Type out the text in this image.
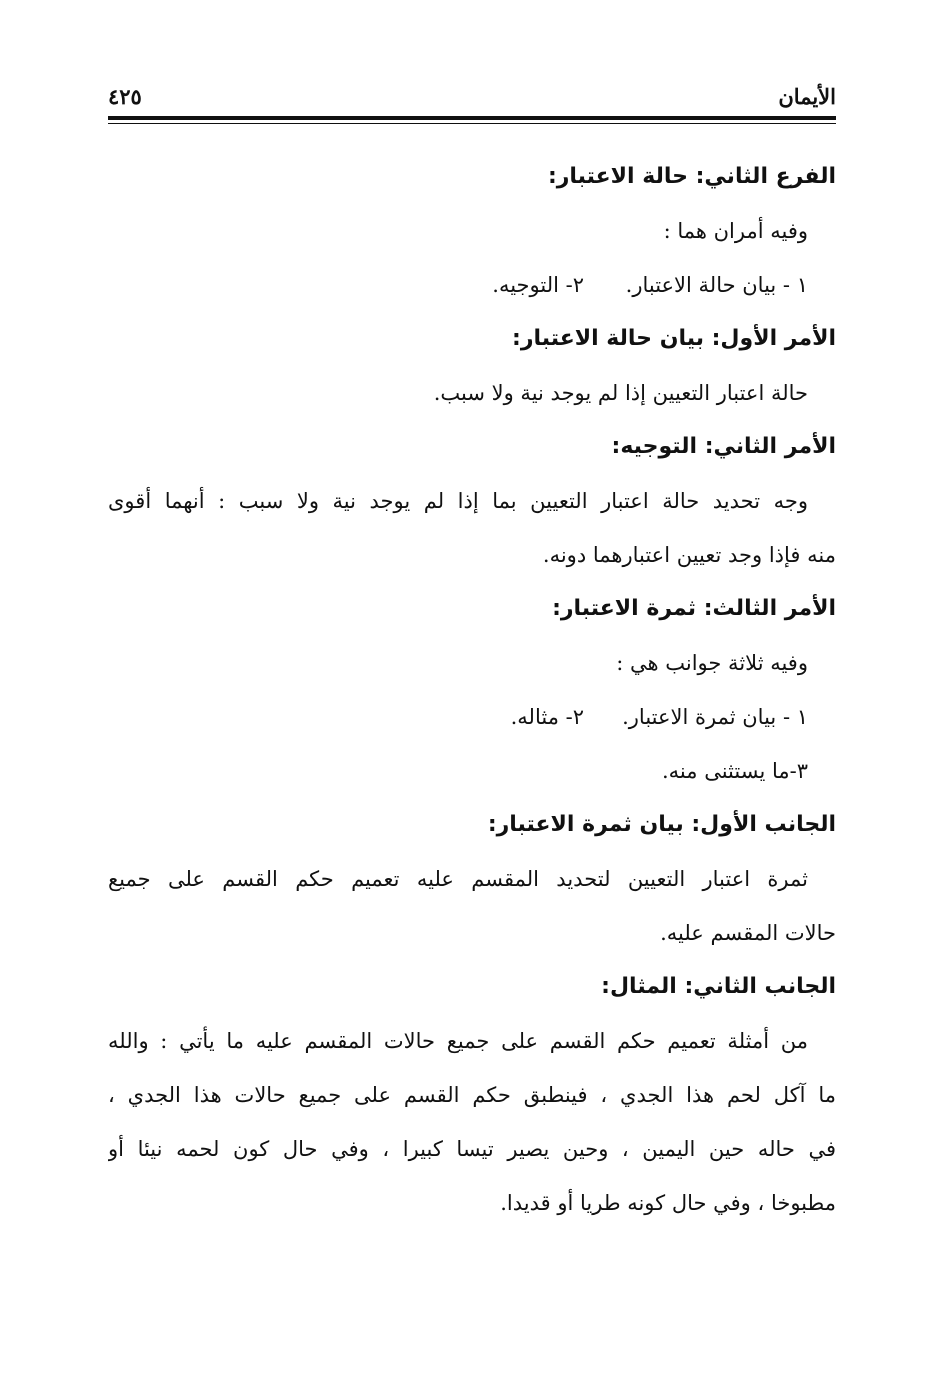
الأيمان
٤٢٥
الفرع الثاني: حالة الاعتبار:
وفيه أمران هما :
١ - بيان حالة الاعتبار.
٢- التوجيه.
الأمر الأول: بيان حالة الاعتبار:
حالة اعتبار التعيين إذا لم يوجد نية ولا سبب.
الأمر الثاني: التوجيه:
وجه تحديد حالة اعتبار التعيين بما إذا لم يوجد نية ولا سبب : أنهما أقوى
منه فإذا وجد تعيين اعتبارهما دونه.
الأمر الثالث: ثمرة الاعتبار:
وفيه ثلاثة جوانب هي :
١ - بيان ثمرة الاعتبار.
٢- مثاله.
٣-ما يستثنى منه.
الجانب الأول: بيان ثمرة الاعتبار:
ثمرة اعتبار التعيين لتحديد المقسم عليه تعميم حكم القسم على جميع
حالات المقسم عليه.
الجانب الثاني: المثال:
من أمثلة تعميم حكم القسم على جميع حالات المقسم عليه ما يأتي : والله
ما آكل لحم هذا الجدي ، فينطبق حكم القسم على جميع حالات هذا الجدي ،
في حاله حين اليمين ، وحين يصير تيسا كبيرا ، وفي حال كون لحمه نيئا أو
مطبوخا ، وفي حال كونه طريا أو قديدا.
